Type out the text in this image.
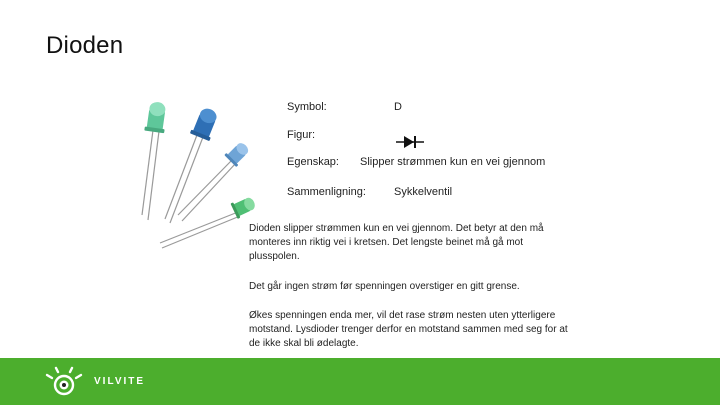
Dioden
Symbol:	D
Figur:
Egenskap: Slipper strømmen kun en vei gjennom
Sammenligning:	Sykkelventil
Dioden slipper strømmen kun en vei gjennom. Det betyr at den må monteres inn riktig vei i kretsen. Det lengste beinet må gå mot plusspolen.
Det går ingen strøm før spenningen overstiger en gitt grense.
Økes spenningen enda mer, vil det rase strøm nesten uten ytterligere motstand. Lysdioder trenger derfor en motstand sammen med seg for at de ikke skal bli ødelagte.
VILVITE
